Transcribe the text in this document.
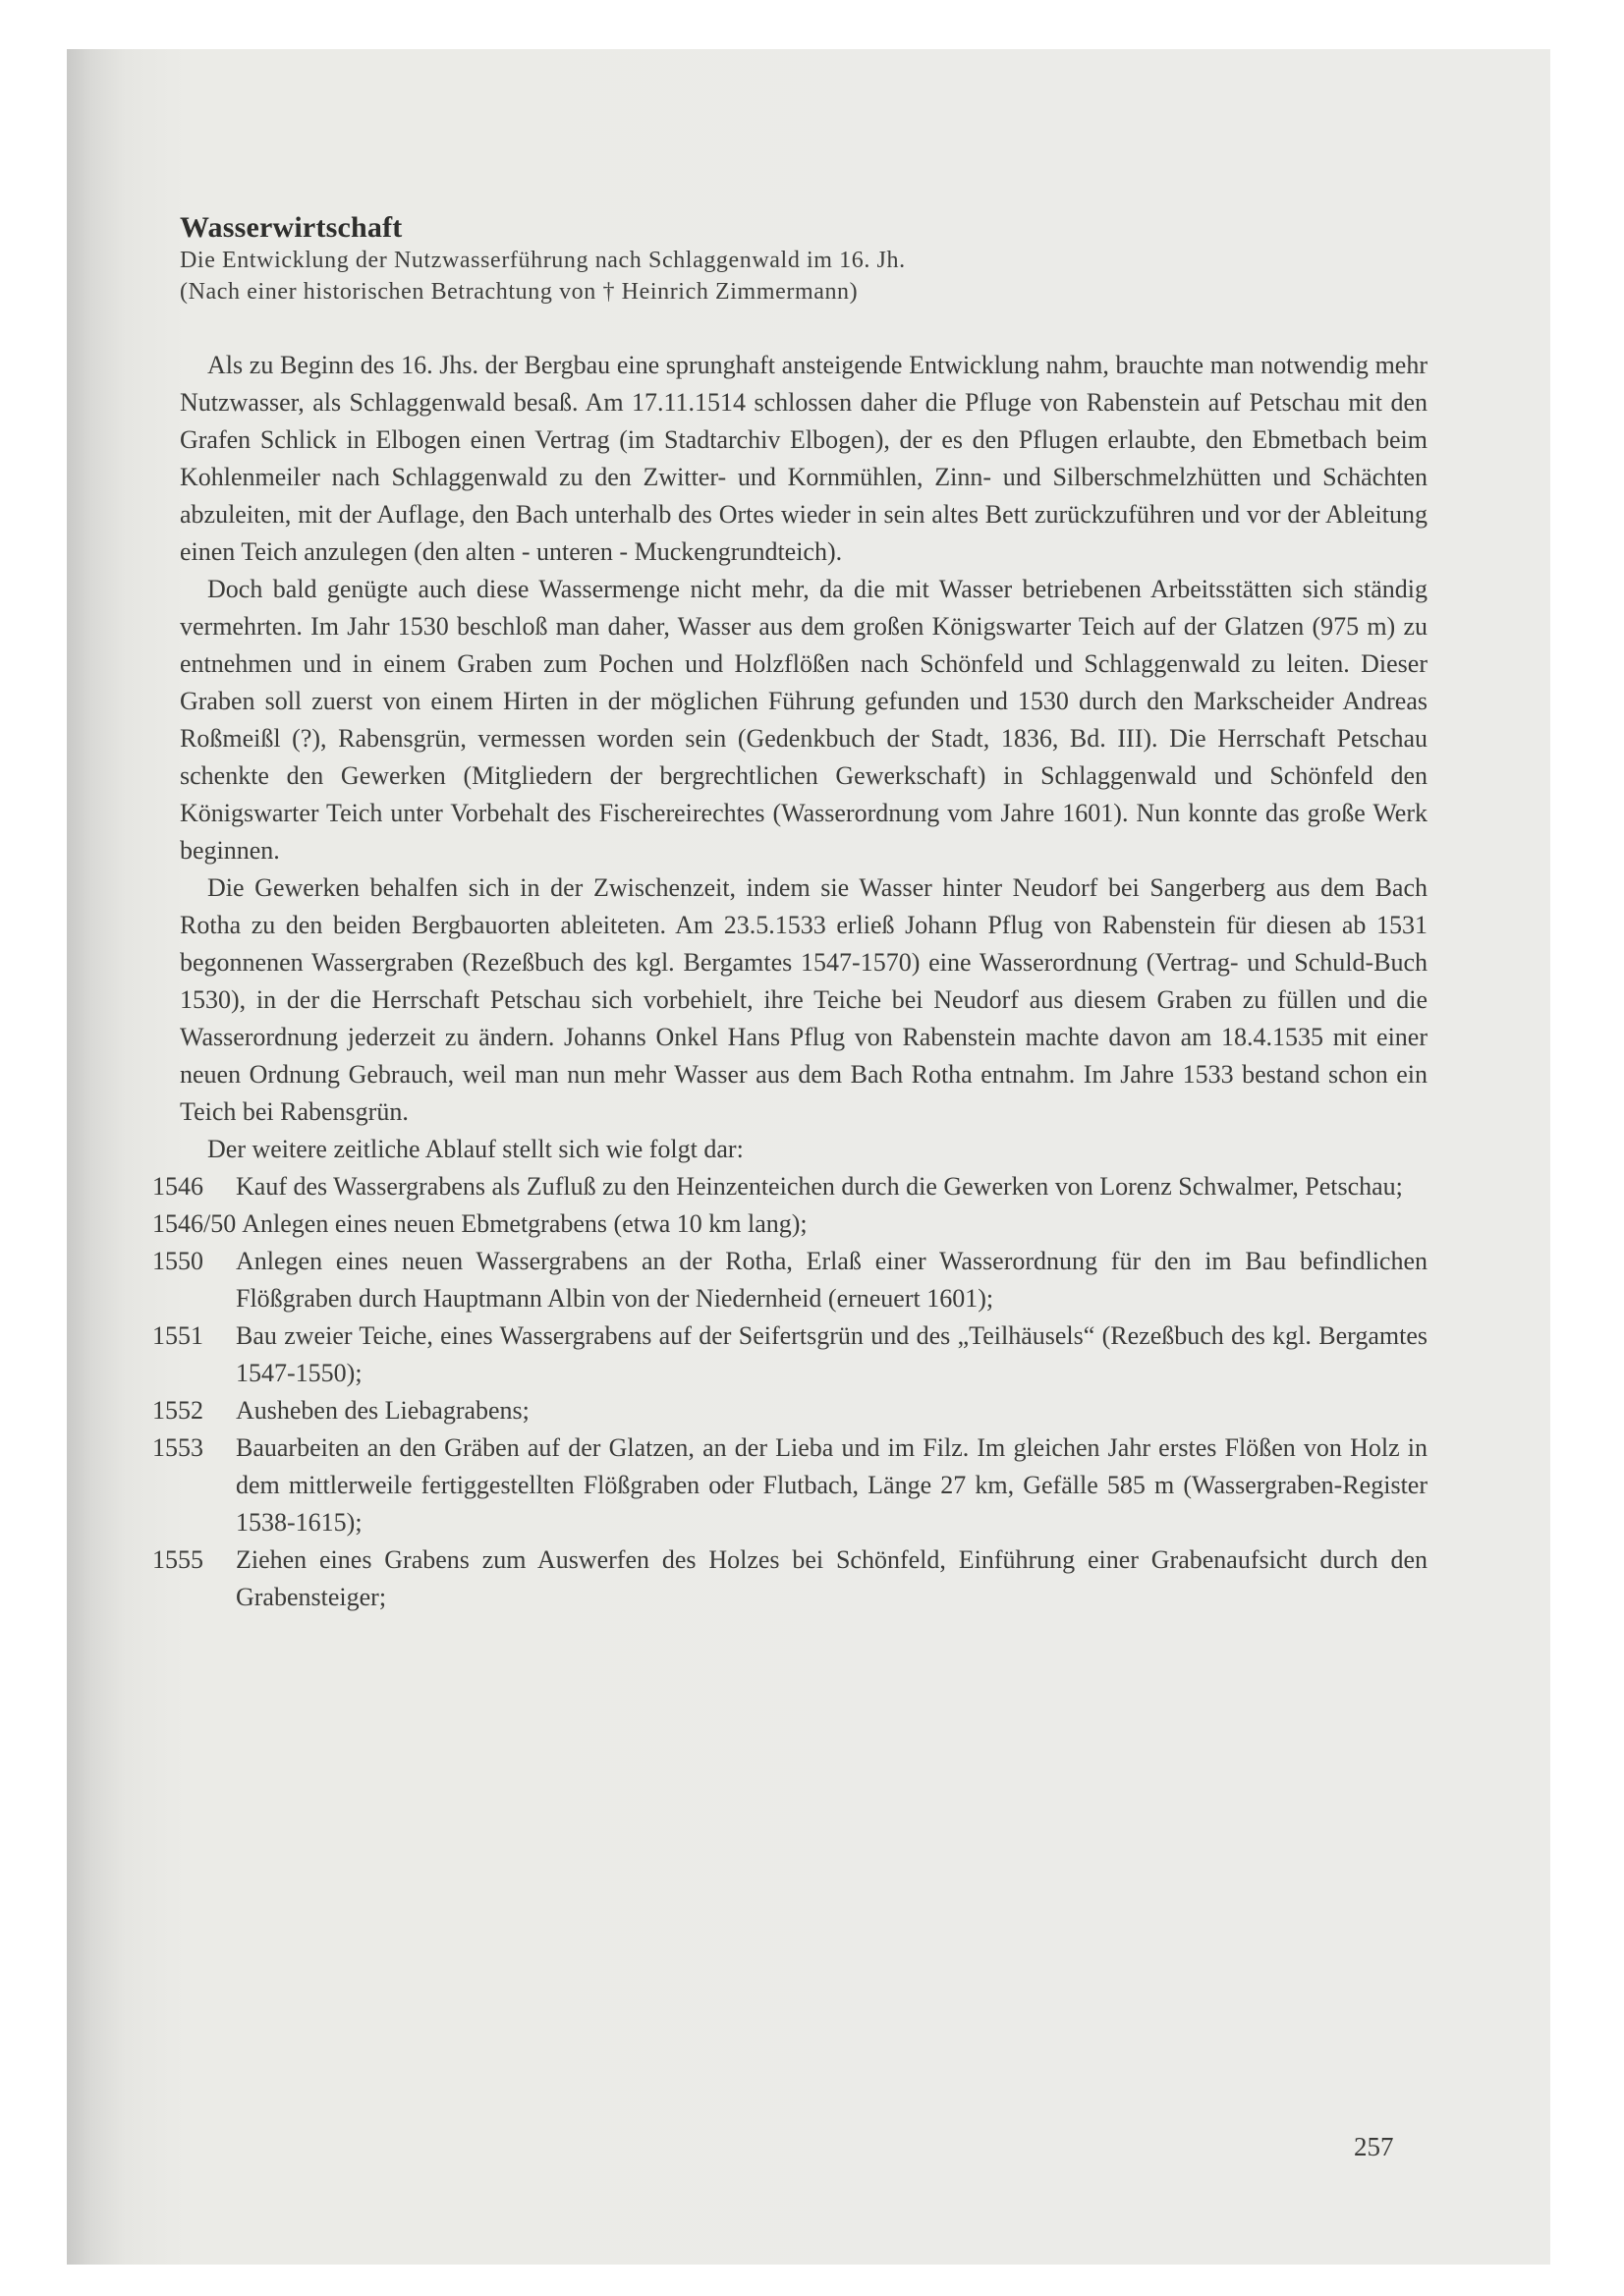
Wasserwirtschaft

Die Entwicklung der Nutzwasserführung nach Schlaggenwald im 16. Jh.

(Nach einer historischen Betrachtung von † Heinrich Zimmermann)

Als zu Beginn des 16. Jhs. der Bergbau eine sprunghaft ansteigende Entwicklung nahm, brauchte man notwendig mehr Nutzwasser, als Schlaggenwald besaß. Am 17.11.1514 schlossen daher die Pfluge von Rabenstein auf Petschau mit den Grafen Schlick in Elbogen einen Vertrag (im Stadtarchiv Elbogen), der es den Pflugen erlaubte, den Ebmetbach beim Kohlenmeiler nach Schlaggenwald zu den Zwitter- und Kornmühlen, Zinn- und Silberschmelzhütten und Schächten abzuleiten, mit der Auflage, den Bach unterhalb des Ortes wieder in sein altes Bett zurückzuführen und vor der Ableitung einen Teich anzulegen (den alten - unteren - Muckengrundteich).

Doch bald genügte auch diese Wassermenge nicht mehr, da die mit Wasser betriebenen Arbeitsstätten sich ständig vermehrten. Im Jahr 1530 beschloß man daher, Wasser aus dem großen Königswarter Teich auf der Glatzen (975 m) zu entnehmen und in einem Graben zum Pochen und Holzflößen nach Schönfeld und Schlaggenwald zu leiten. Dieser Graben soll zuerst von einem Hirten in der möglichen Führung gefunden und 1530 durch den Markscheider Andreas Roßmeißl (?), Rabensgrün, vermessen worden sein (Gedenkbuch der Stadt, 1836, Bd. III). Die Herrschaft Petschau schenkte den Gewerken (Mitgliedern der bergrechtlichen Gewerkschaft) in Schlaggenwald und Schönfeld den Königswarter Teich unter Vorbehalt des Fischereirechtes (Wasserordnung vom Jahre 1601). Nun konnte das große Werk beginnen.

Die Gewerken behalfen sich in der Zwischenzeit, indem sie Wasser hinter Neudorf bei Sangerberg aus dem Bach Rotha zu den beiden Bergbauorten ableiteten. Am 23.5.1533 erließ Johann Pflug von Rabenstein für diesen ab 1531 begonnenen Wassergraben (Rezeßbuch des kgl. Bergamtes 1547-1570) eine Wasserordnung (Vertrag- und Schuld-Buch 1530), in der die Herrschaft Petschau sich vorbehielt, ihre Teiche bei Neudorf aus diesem Graben zu füllen und die Wasserordnung jederzeit zu ändern. Johanns Onkel Hans Pflug von Rabenstein machte davon am 18.4.1535 mit einer neuen Ordnung Gebrauch, weil man nun mehr Wasser aus dem Bach Rotha entnahm. Im Jahre 1533 bestand schon ein Teich bei Rabensgrün.

Der weitere zeitliche Ablauf stellt sich wie folgt dar:

1546	Kauf des Wassergrabens als Zufluß zu den Heinzenteichen durch die Gewerken von Lorenz Schwalmer, Petschau;
1546/50 Anlegen eines neuen Ebmetgrabens (etwa 10 km lang);
1550	Anlegen eines neuen Wassergrabens an der Rotha, Erlaß einer Wasserordnung für den im Bau befindlichen Flößgraben durch Hauptmann Albin von der Niedernheid (erneuert 1601);
1551	Bau zweier Teiche, eines Wassergrabens auf der Seifertsgrün und des „Teilhäusels“ (Rezeßbuch des kgl. Bergamtes 1547-1550);
1552	Ausheben des Liebagrabens;
1553	Bauarbeiten an den Gräben auf der Glatzen, an der Lieba und im Filz. Im gleichen Jahr erstes Flößen von Holz in dem mittlerweile fertiggestellten Flößgraben oder Flutbach, Länge 27 km, Gefälle 585 m (Wassergraben-Register 1538-1615);
1555	Ziehen eines Grabens zum Auswerfen des Holzes bei Schönfeld, Einführung einer Grabenaufsicht durch den Grabensteiger;
257
